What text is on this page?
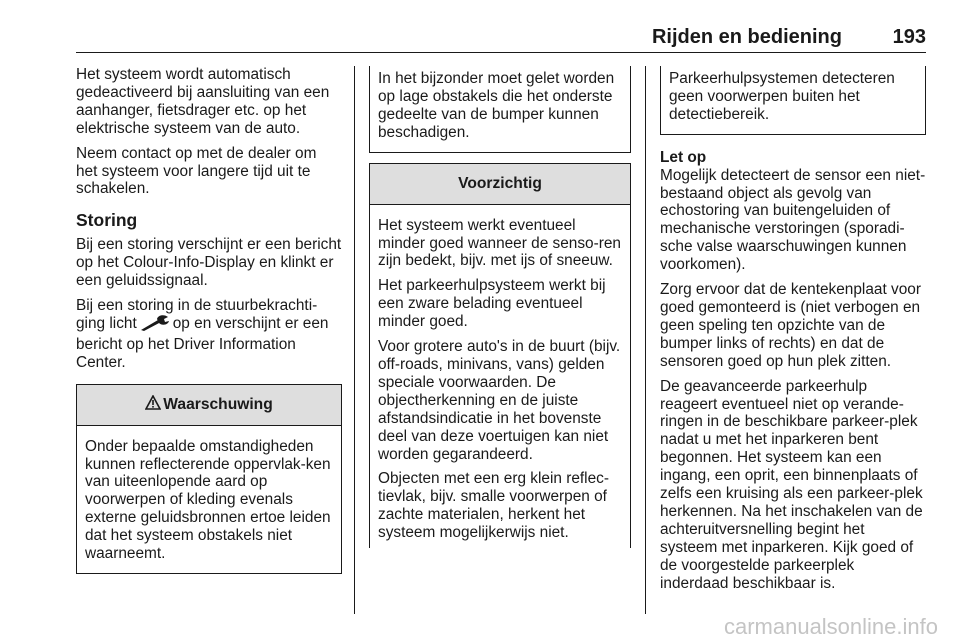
Rijden en bediening	193

Het systeem wordt automatisch gedeactiveerd bij aansluiting van een aanhanger, fietsdrager etc. op het elektrische systeem van de auto.

Neem contact op met de dealer om het systeem voor langere tijd uit te schakelen.

Storing

Bij een storing verschijnt er een bericht op het Colour-Info-Display en klinkt er een geluidssignaal.

Bij een storing in de stuurbekrachti-ging licht op en verschijnt er een bericht op het Driver Information Center.

Waarschuwing

Onder bepaalde omstandigheden kunnen reflecterende oppervlak-ken van uiteenlopende aard op voorwerpen of kleding evenals externe geluidsbronnen ertoe leiden dat het systeem obstakels niet waarneemt.

In het bijzonder moet gelet worden op lage obstakels die het onderste gedeelte van de bumper kunnen beschadigen.

Voorzichtig

Het systeem werkt eventueel minder goed wanneer de senso-ren zijn bedekt, bijv. met ijs of sneeuw.

Het parkeerhulpsysteem werkt bij een zware belading eventueel minder goed.

Voor grotere auto's in de buurt (bijv. off-roads, minivans, vans) gelden speciale voorwaarden. De objectherkenning en de juiste afstandsindicatie in het bovenste deel van deze voertuigen kan niet worden gegarandeerd.

Objecten met een erg klein reflec-tievlak, bijv. smalle voorwerpen of zachte materialen, herkent het systeem mogelijkerwijs niet.

Parkeerhulpsystemen detecteren geen voorwerpen buiten het detectiebereik.

Let op

Mogelijk detecteert de sensor een niet-bestaand object als gevolg van echostoring van buitengeluiden of mechanische verstoringen (sporadi-sche valse waarschuwingen kunnen voorkomen).

Zorg ervoor dat de kentekenplaat voor goed gemonteerd is (niet verbogen en geen speling ten opzichte van de bumper links of rechts) en dat de sensoren goed op hun plek zitten.

De geavanceerde parkeerhulp reageert eventueel niet op verande-ringen in de beschikbare parkeer-plek nadat u met het inparkeren bent begonnen. Het systeem kan een ingang, een oprit, een binnenplaats of zelfs een kruising als een parkeer-plek herkennen. Na het inschakelen van de achteruitversnelling begint het systeem met inparkeren. Kijk goed of de voorgestelde parkeerplek inderdaad beschikbaar is.

carmanualsonline.info
